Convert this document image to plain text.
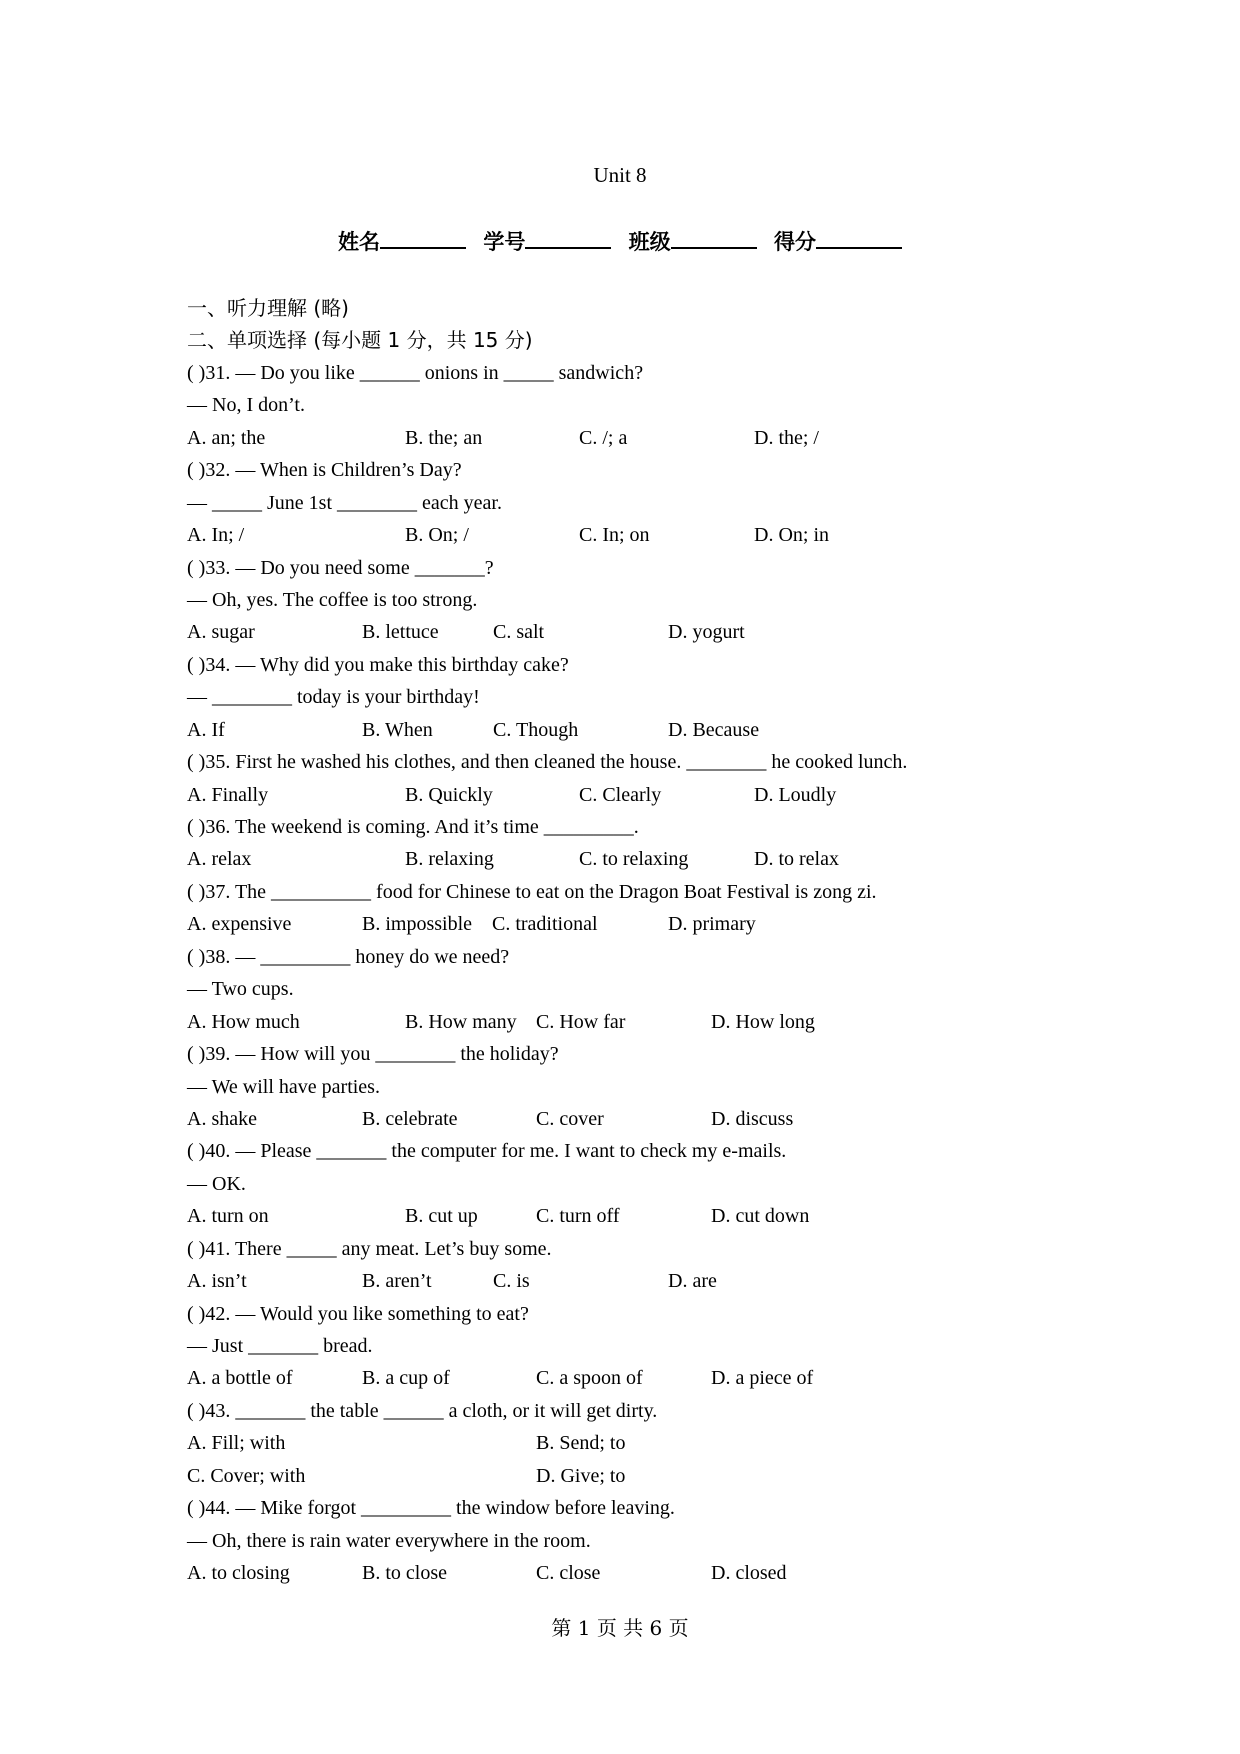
Unit 8
姓名	学号	班级	得分
一、听力理解 (略)
二、单项选择 (每小题 1 分，共 15 分)
( )31. — Do you like ______ onions in _____ sandwich?
— No, I don’t.
A. an; the	B. the; an	C. /; a	D. the; /
( )32. — When is Children’s Day?
— _____ June 1st ________ each year.
A. In; /	B. On; /	C. In; on	D. On; in
( )33. — Do you need some _______?
— Oh, yes. The coffee is too strong.
A. sugar	B. lettuce	C. salt	D. yogurt
( )34. — Why did you make this birthday cake?
— ________ today is your birthday!
A. If	B. When	C. Though	D. Because
( )35. First he washed his clothes, and then cleaned the house. ________ he cooked lunch.
A. Finally	B. Quickly	C. Clearly	D. Loudly
( )36. The weekend is coming. And it’s time _________.
A. relax	B. relaxing	C. to relaxing	D. to relax
( )37. The __________ food for Chinese to eat on the Dragon Boat Festival is zong zi.
A. expensive	B. impossible C. traditional	D. primary
( )38. — _________ honey do we need?
— Two cups.
A. How much	B. How many C. How far	D. How long
( )39. — How will you ________ the holiday?
— We will have parties.
A. shake	B. celebrate	C. cover	D. discuss
( )40. — Please _______ the computer for me. I want to check my e-mails.
— OK.
A. turn on	B. cut up	C. turn off	D. cut down
( )41. There _____ any meat. Let’s buy some.
A. isn’t	B. aren’t	C. is	D. are
( )42. — Would you like something to eat?
— Just _______ bread.
A. a bottle of	B. a cup of	C. a spoon of	D. a piece of
( )43. _______ the table ______ a cloth, or it will get dirty.
A. Fill; with	B. Send; to
C. Cover; with	D. Give; to
( )44. — Mike forgot _________ the window before leaving.
— Oh, there is rain water everywhere in the room.
A. to closing	B. to close	C. close	D. closed
第 1 页 共 6 页
